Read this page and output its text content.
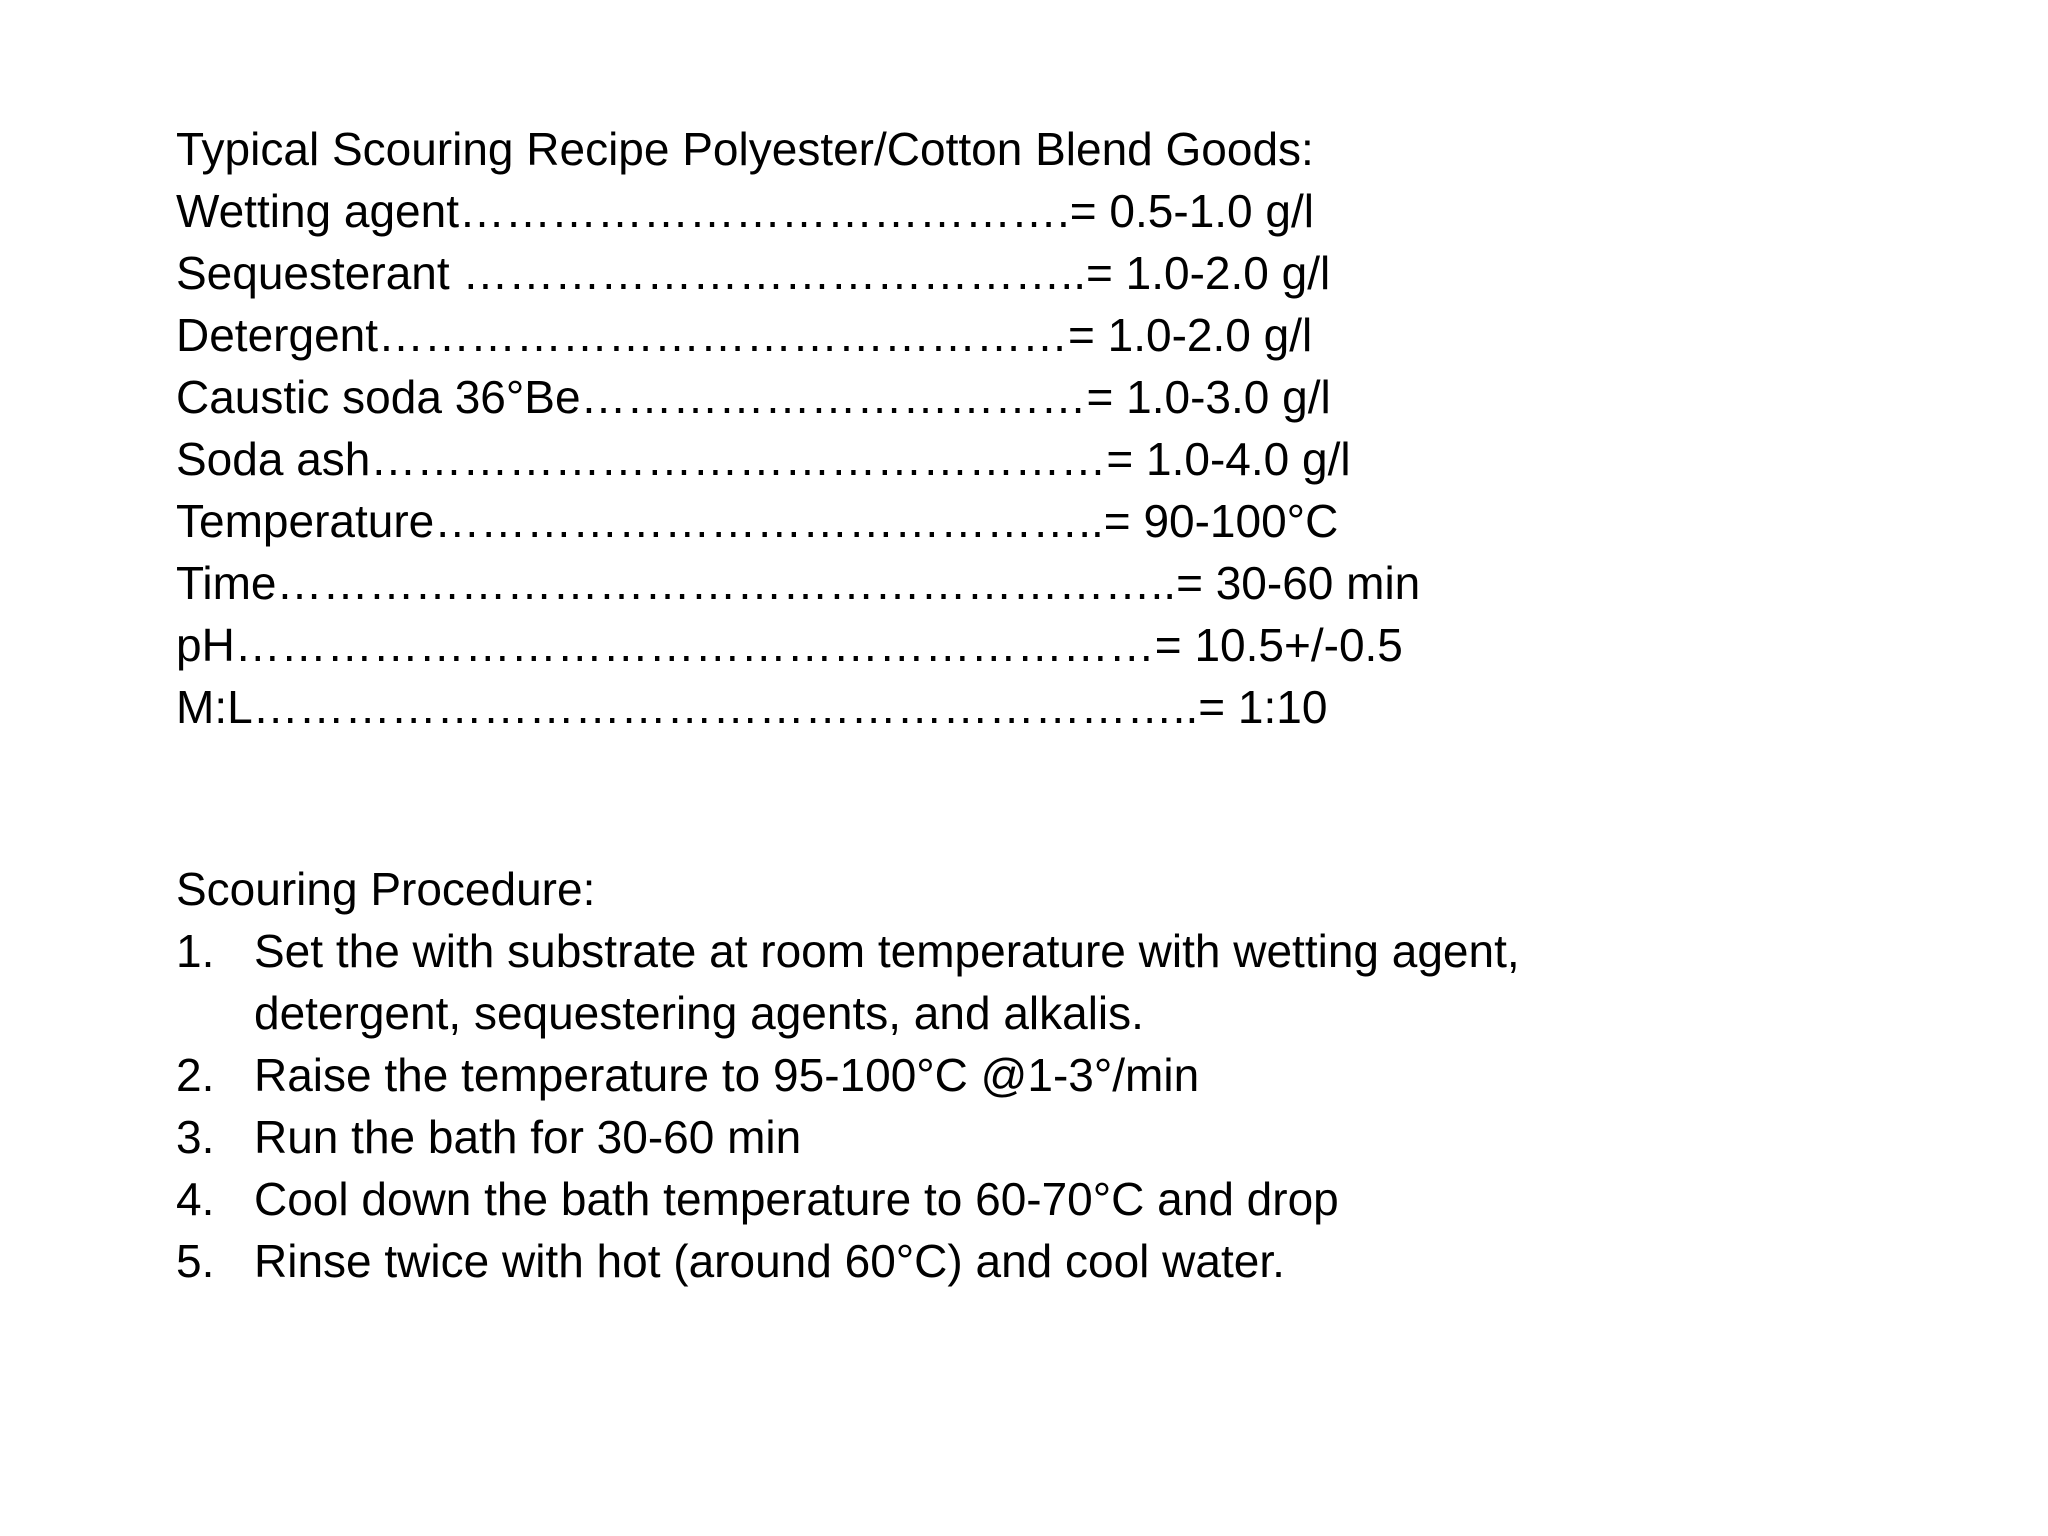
Typical Scouring Recipe Polyester/Cotton Blend Goods:
Wetting agent………………………………….= 0.5-1.0 g/l
Sequesterant …………………………………..= 1.0-2.0 g/l
Detergent………………………………………= 1.0-2.0 g/l
Caustic soda 36°Be……………………………= 1.0-3.0 g/l
Soda ash…………………………………………= 1.0-4.0 g/l
Temperature……………………………………..= 90-100°C
Time…………………………………………………..= 30-60 min
pH……………………………………………………= 10.5+/-0.5
M:L……………………………………………………..= 1:10
Scouring Procedure:
1. Set the with substrate at room temperature with wetting agent, detergent, sequestering agents, and alkalis.
2. Raise the temperature to 95-100°C @1-3°/min
3. Run the bath for 30-60 min
4. Cool down the bath temperature to 60-70°C and drop
5. Rinse twice with hot (around 60°C) and cool water.
